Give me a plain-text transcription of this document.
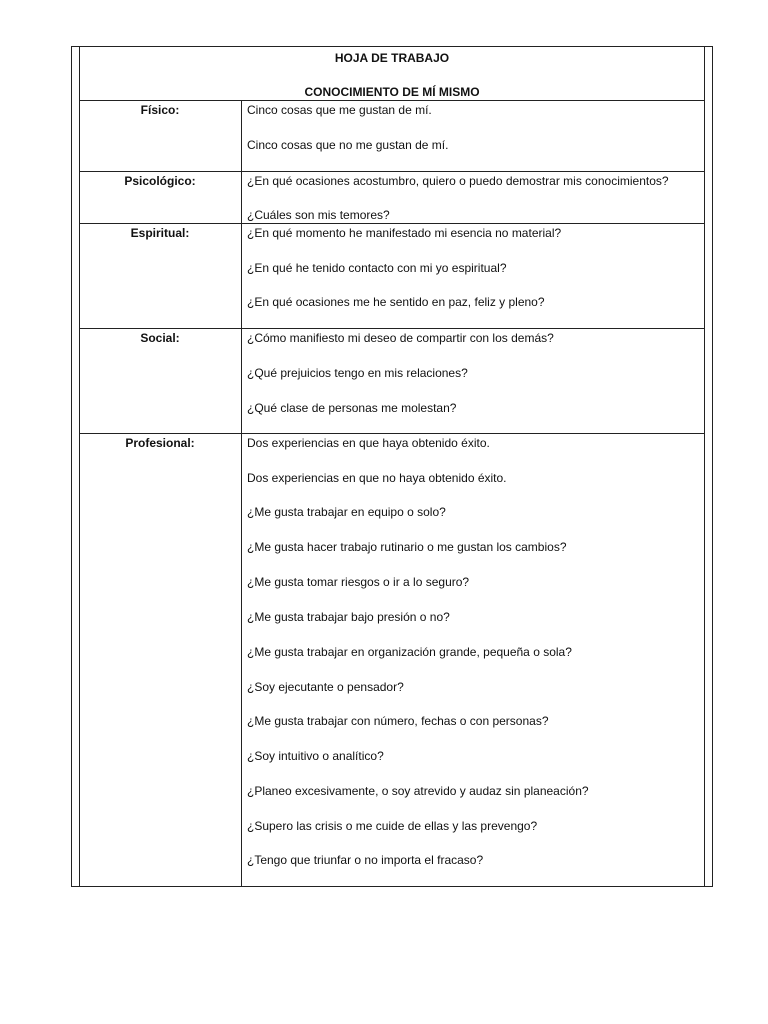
HOJA DE TRABAJO
CONOCIMIENTO DE MÍ MISMO
Físico:	Cinco cosas que me gustan de mí.
Cinco cosas que no me gustan de mí.
Psicológico:	¿En qué ocasiones acostumbro, quiero o puedo demostrar mis conocimientos?
¿Cuáles son mis temores?
Espiritual:	¿En qué momento he manifestado mi esencia no material?
¿En qué he tenido contacto con mi yo espiritual?
¿En qué ocasiones me he sentido en paz, feliz y pleno?
Social:	¿Cómo manifiesto mi deseo de compartir con los demás?
¿Qué prejuicios tengo en mis relaciones?
¿Qué clase de personas me molestan?
Profesional:	Dos experiencias en que haya obtenido éxito.
Dos experiencias en que no haya obtenido éxito.
¿Me gusta trabajar en equipo o solo?
¿Me gusta hacer trabajo rutinario o me gustan los cambios?
¿Me gusta tomar riesgos o ir a lo seguro?
¿Me gusta trabajar bajo presión o no?
¿Me gusta trabajar en organización grande, pequeña o sola?
¿Soy ejecutante o pensador?
¿Me gusta trabajar con número, fechas o con personas?
¿Soy intuitivo o analítico?
¿Planeo excesivamente, o soy atrevido y audaz sin planeación?
¿Supero las crisis o me cuide de ellas y las prevengo?
¿Tengo que triunfar o no importa el fracaso?
